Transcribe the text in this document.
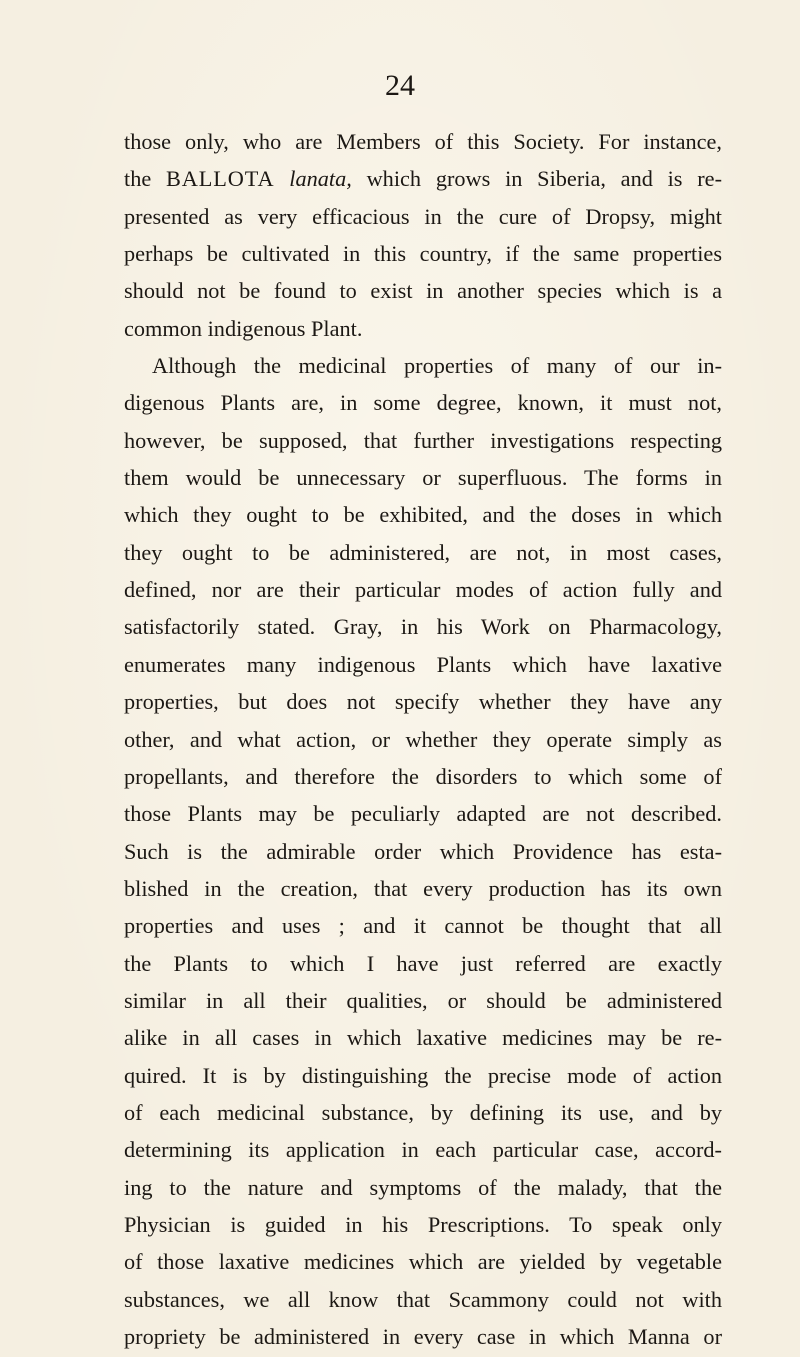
24
those only, who are Members of this Society. For instance,
the BALLOTA lanata, which grows in Siberia, and is re-
presented as very efficacious in the cure of Dropsy, might
perhaps be cultivated in this country, if the same properties
should not be found to exist in another species which is a
common indigenous Plant.
Although the medicinal properties of many of our in-
digenous Plants are, in some degree, known, it must not,
however, be supposed, that further investigations respecting
them would be unnecessary or superfluous. The forms in
which they ought to be exhibited, and the doses in which
they ought to be administered, are not, in most cases,
defined, nor are their particular modes of action fully and
satisfactorily stated. Gray, in his Work on Pharmacology,
enumerates many indigenous Plants which have laxative
properties, but does not specify whether they have any
other, and what action, or whether they operate simply as
propellants, and therefore the disorders to which some of
those Plants may be peculiarly adapted are not described.
Such is the admirable order which Providence has esta-
blished in the creation, that every production has its own
properties and uses ; and it cannot be thought that all
the Plants to which I have just referred are exactly
similar in all their qualities, or should be administered
alike in all cases in which laxative medicines may be re-
quired. It is by distinguishing the precise mode of action
of each medicinal substance, by defining its use, and by
determining its application in each particular case, accord-
ing to the nature and symptoms of the malady, that the
Physician is guided in his Prescriptions. To speak only
of those laxative medicines which are yielded by vegetable
substances, we all know that Scammony could not with
propriety be administered in every case in which Manna or
